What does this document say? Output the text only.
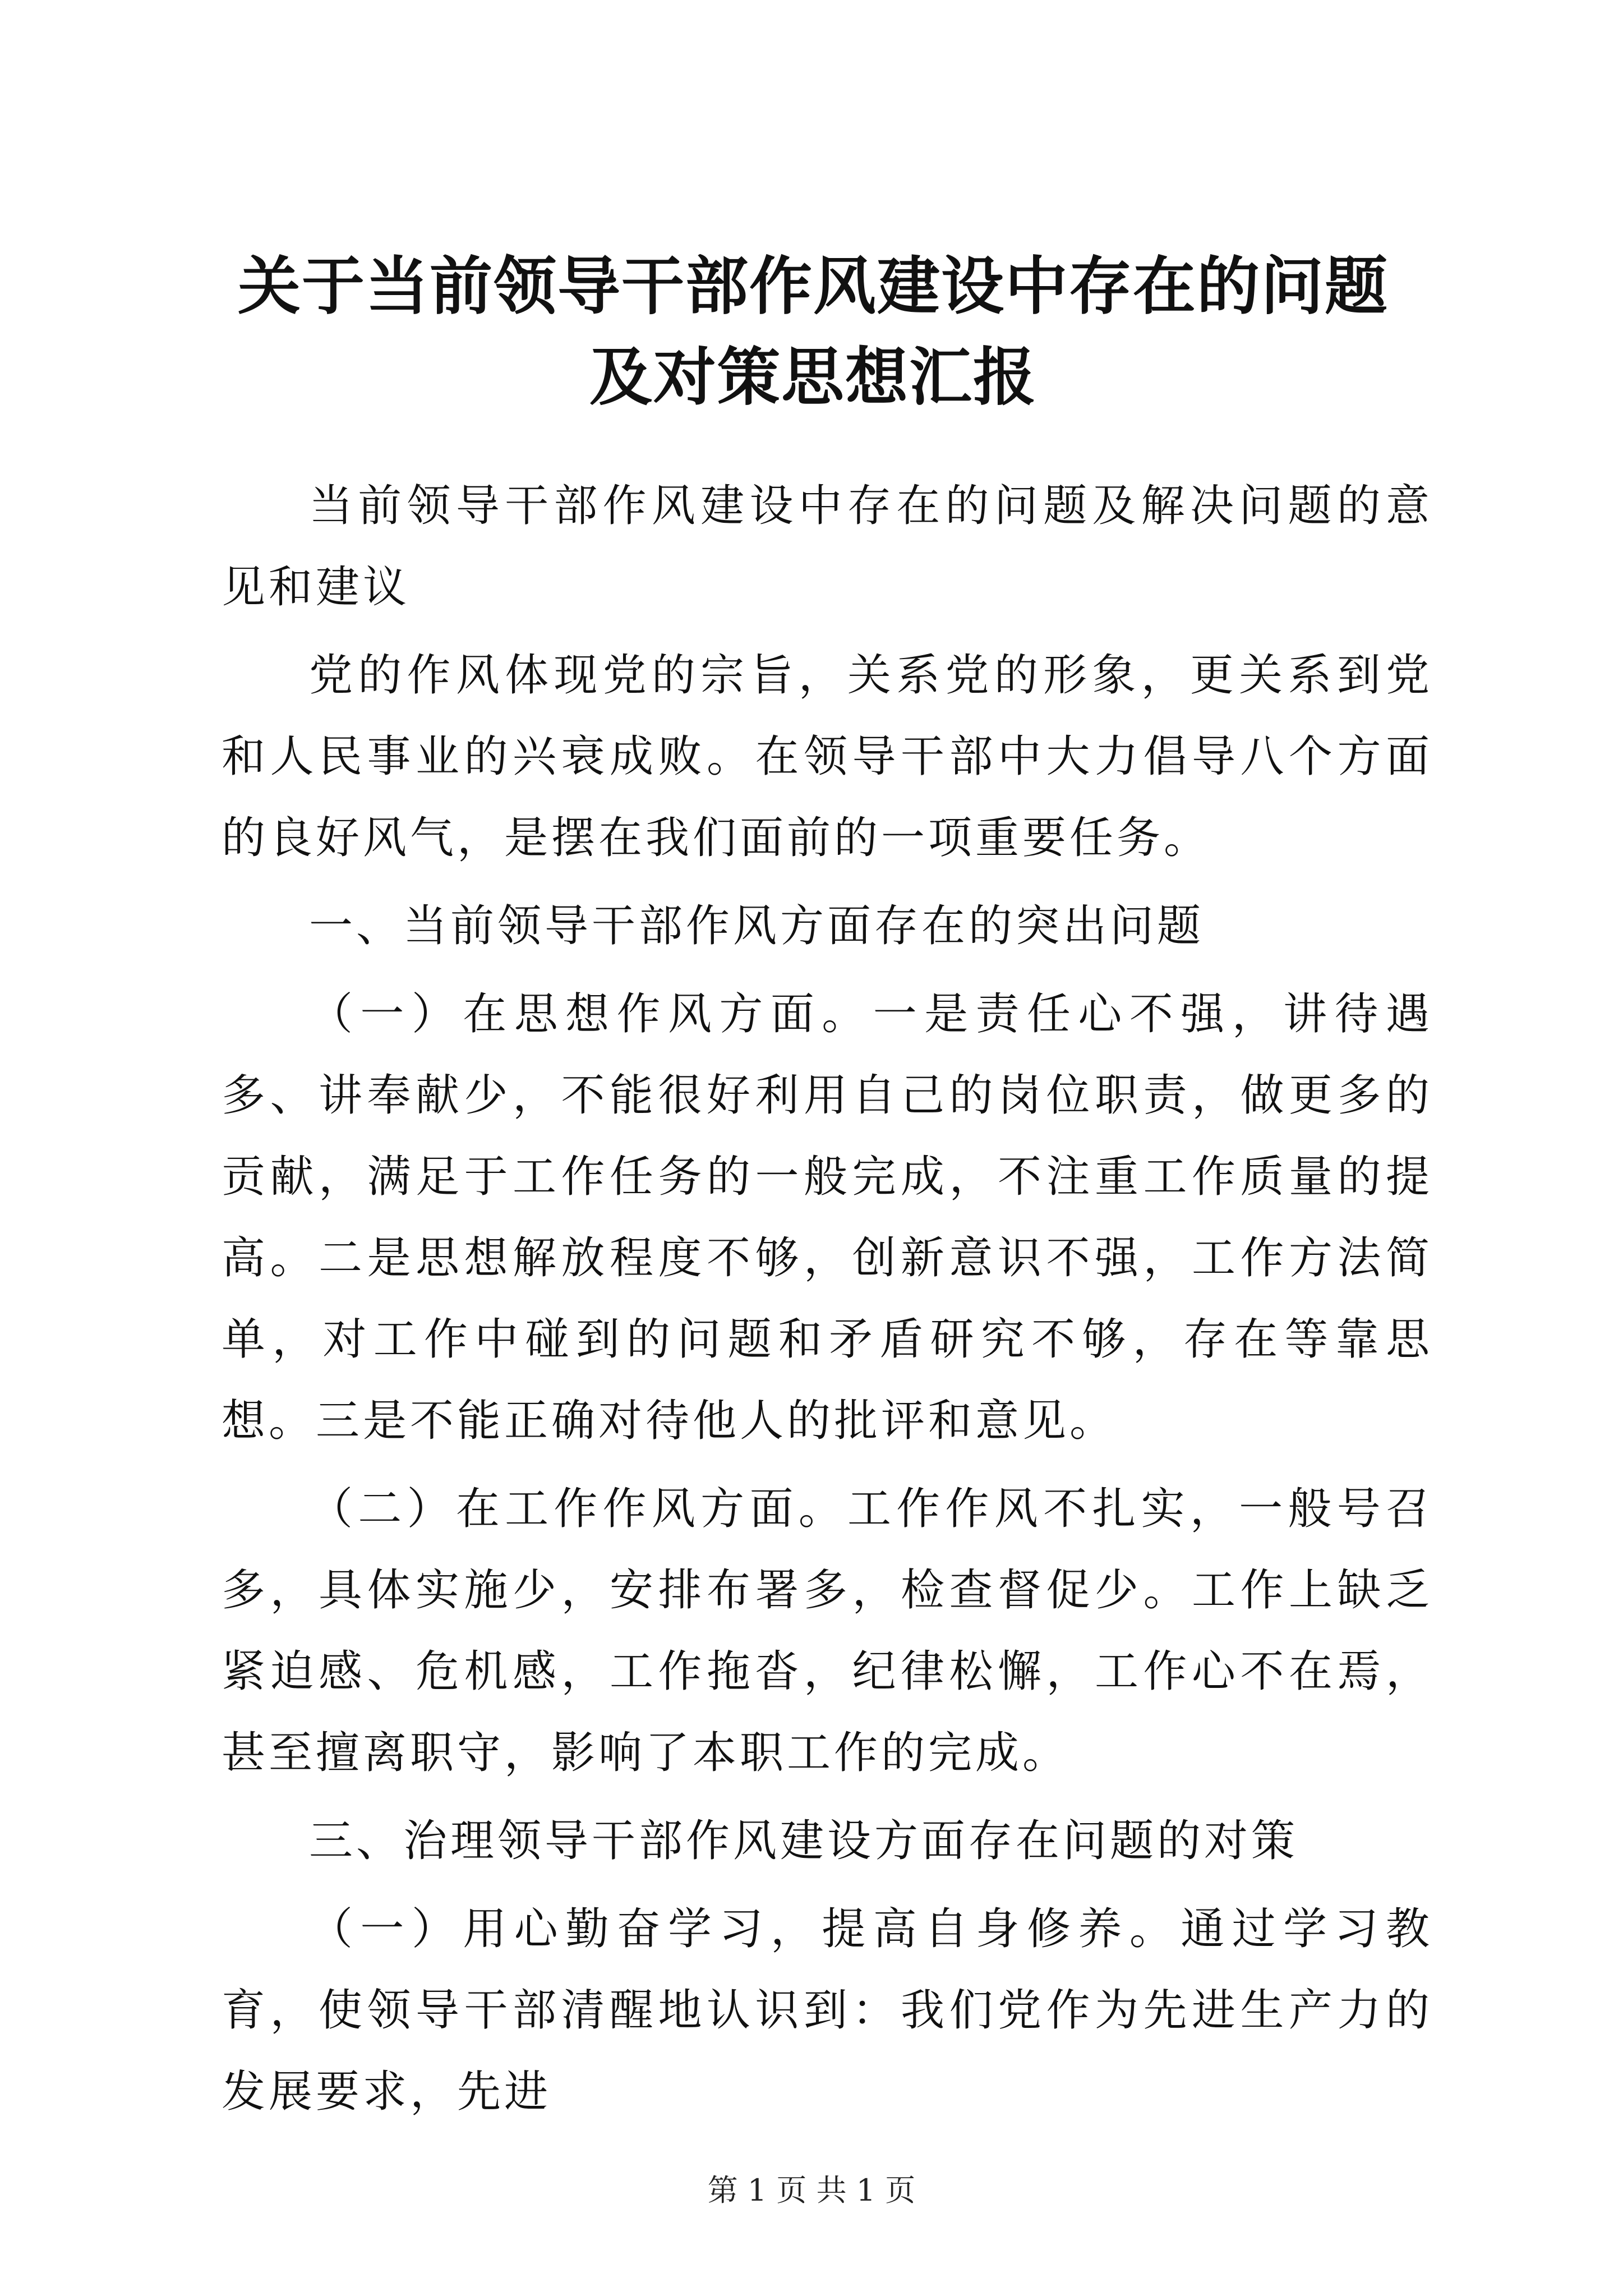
关于当前领导干部作风建设中存在的问题及对策思想汇报

当前领导干部作风建设中存在的问题及解决问题的意见和建议

党的作风体现党的宗旨，关系党的形象，更关系到党和人民事业的兴衰成败。在领导干部中大力倡导八个方面的良好风气，是摆在我们面前的一项重要任务。

一、当前领导干部作风方面存在的突出问题

（一）在思想作风方面。一是责任心不强，讲待遇多、讲奉献少，不能很好利用自己的岗位职责，做更多的贡献，满足于工作任务的一般完成，不注重工作质量的提高。二是思想解放程度不够，创新意识不强，工作方法简单，对工作中碰到的问题和矛盾研究不够，存在等靠思想。三是不能正确对待他人的批评和意见。

（二）在工作作风方面。工作作风不扎实，一般号召多，具体实施少，安排布署多，检查督促少。工作上缺乏紧迫感、危机感，工作拖沓，纪律松懈，工作心不在焉，甚至擅离职守，影响了本职工作的完成。

三、治理领导干部作风建设方面存在问题的对策

（一）用心勤奋学习，提高自身修养。通过学习教育，使领导干部清醒地认识到：我们党作为先进生产力的发展要求，先进

第 1 页 共 1 页
